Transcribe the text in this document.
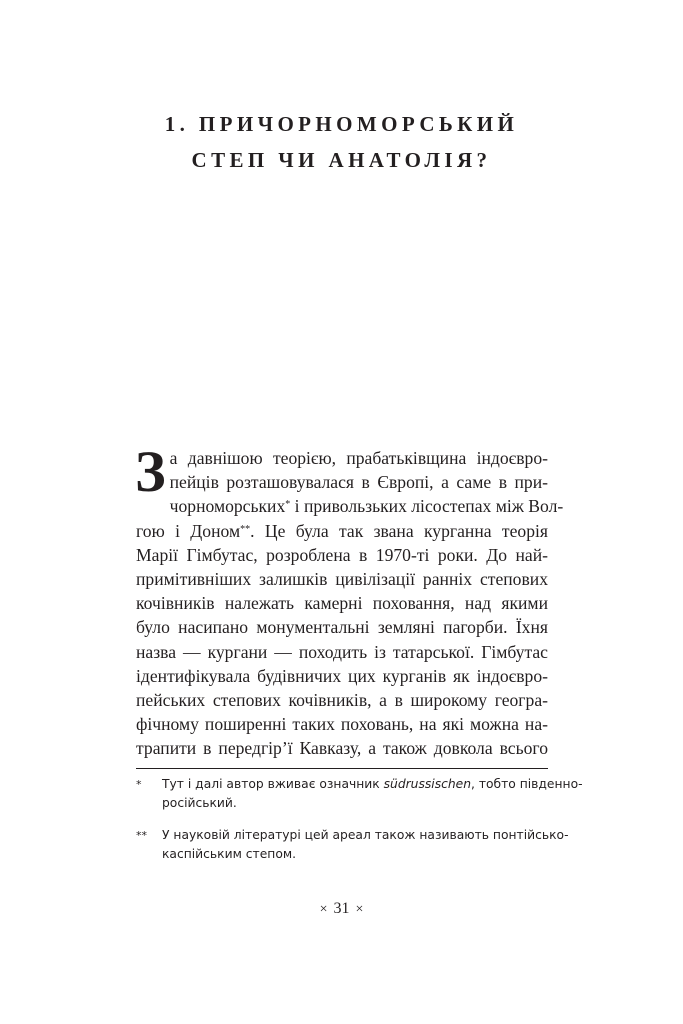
1. ПРИЧОРНОМОРСЬКИЙ
СТЕП ЧИ АНАТОЛІЯ?
З а давнішою теорією, прабатьківщина індоєвро-
пейців розташовувалася в Європі, а саме в при-
чорноморських* і привользьких лісостепах між Вол-
гою і Доном**. Це була так звана курганна теорія
Марії Гімбутас, розроблена в 1970-ті роки. До най-
примітивніших залишків цивілізації ранніх степових
кочівників належать камерні поховання, над якими
було насипано монументальні земляні пагорби. Їхня
назва — кургани — походить із татарської. Гімбутас
ідентифікувала будівничих цих курганів як індоєвро-
пейських степових кочівників, а в широкому геогра-
фічному поширенні таких поховань, на які можна на-
трапити в передгір’ї Кавказу, а також довкола всього
* Тут і далі автор вживає означник südrussischen, тобто південно-
російський.
** У науковій літературі цей ареал також називають понтійсько-
каспійським степом.
× 31 ×
